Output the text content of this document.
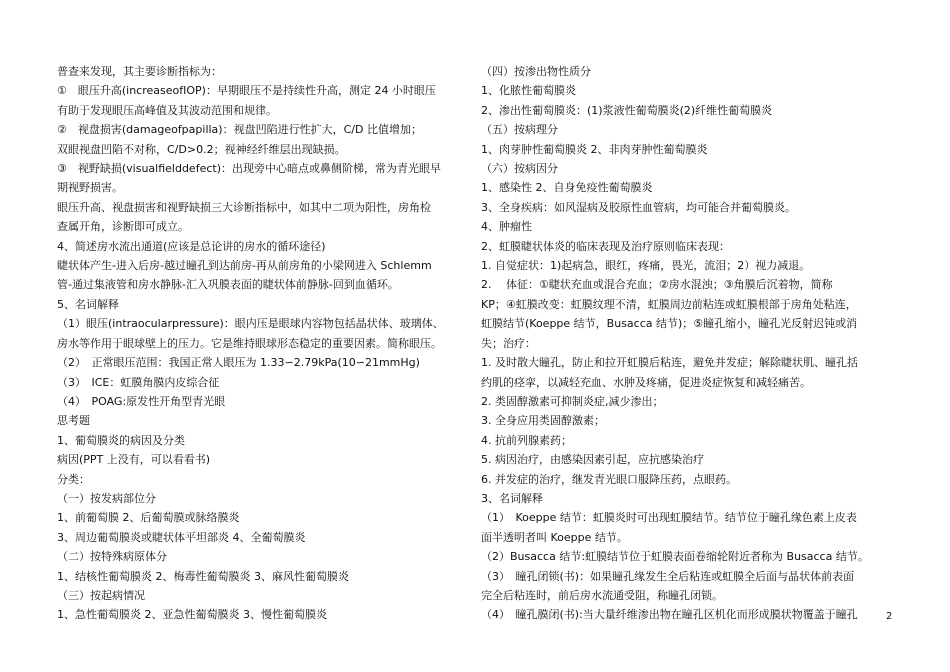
普查来发现，其主要诊断指标为：
①　眼压升高(increaseofIOP)：早期眼压不是持续性升高，测定 24 小时眼压
有助于发现眼压高峰值及其波动范围和规律。
②　视盘损害(damageofpapilla)：视盘凹陷进行性扩大，C/D 比值增加；
双眼视盘凹陷不对称，C/D>0.2；视神经纤维层出现缺损。
③　视野缺损(visualfielddefect)：出现旁中心暗点或鼻侧阶梯，常为青光眼早
期视野损害。
眼压升高、视盘损害和视野缺损三大诊断指标中，如其中二项为阳性，房角检
查属开角，诊断即可成立。
4、简述房水流出通道(应该是总论讲的房水的循环途径)
睫状体产生-进入后房-越过瞳孔到达前房-再从前房角的小梁网进入 Schlemm
管-通过集液管和房水静脉-汇入巩膜表面的睫状体前静脉-回到血循环。
5、名词解释
（1）眼压(intraocularpressure)：眼内压是眼球内容物包括晶状体、玻璃体、
房水等作用于眼球壁上的压力。它是维持眼球形态稳定的重要因素。简称眼压。
（2）　正常眼压范围：我国正常人眼压为 1.33∽2.79kPa(10∽21mmHg)
（3）　ICE：虹膜角膜内皮综合征
（4）　POAG:原发性开角型青光眼
思考题
1、葡萄膜炎的病因及分类
病因(PPT 上没有，可以看看书)
分类：
（一）按发病部位分
1、前葡萄膜 2、后葡萄膜或脉络膜炎
3、周边葡萄膜炎或睫状体平坦部炎 4、全葡萄膜炎
（二）按特殊病原体分
1、结核性葡萄膜炎 2、梅毒性葡萄膜炎 3、麻风性葡萄膜炎
（三）按起病情况
1、急性葡萄膜炎 2、亚急性葡萄膜炎 3、慢性葡萄膜炎
（四）按渗出物性质分
1、化脓性葡萄膜炎
2、渗出性葡萄膜炎：(1)浆液性葡萄膜炎(2)纤维性葡萄膜炎
（五）按病理分
1、肉芽肿性葡萄膜炎 2、非肉芽肿性葡萄膜炎
（六）按病因分
1、感染性 2、自身免疫性葡萄膜炎
3、全身疾病：如风湿病及胶原性血管病，均可能合并葡萄膜炎。
4、肿瘤性
2、虹膜睫状体炎的临床表现及治疗原则临床表现：
1. 自觉症状：1)起病急，眼红，疼痛，畏光，流泪；2）视力减退。
2.　 体征：①睫状充血或混合充血；②房水混浊；③角膜后沉着物，简称
KP；④虹膜改变：虹膜纹理不清，虹膜周边前粘连或虹膜根部于房角处粘连，
虹膜结节(Koeppe 结节，Busacca 结节)；⑤瞳孔缩小，瞳孔光反射迟钝或消
失；治疗：
1. 及时散大瞳孔，防止和拉开虹膜后粘连，避免并发症；解除睫状肌、瞳孔括
约肌的痉挛，以减轻充血、水肿及疼痛，促进炎症恢复和减轻痛苦。
2. 类固醇激素可抑制炎症,减少渗出；
3. 全身应用类固醇激素；
4. 抗前列腺素药；
5. 病因治疗，由感染因素引起，应抗感染治疗
6. 并发症的治疗，继发青光眼口服降压药，点眼药。
3、名词解释
（1）　Koeppe 结节：虹膜炎时可出现虹膜结节。结节位于瞳孔缘色素上皮表
面半透明者叫 Koeppe 结节。
（2）Busacca 结节:虹膜结节位于虹膜表面卷缩轮附近者称为 Busacca 结节。
（3）　瞳孔闭锁(书)：如果瞳孔缘发生全后粘连或虹膜全后面与晶状体前表面
完全后粘连时，前后房水流通受阻，称瞳孔闭锁。
（4）　瞳孔膜闭(书):当大量纤维渗出物在瞳孔区机化而形成膜状物覆盖于瞳孔	2
